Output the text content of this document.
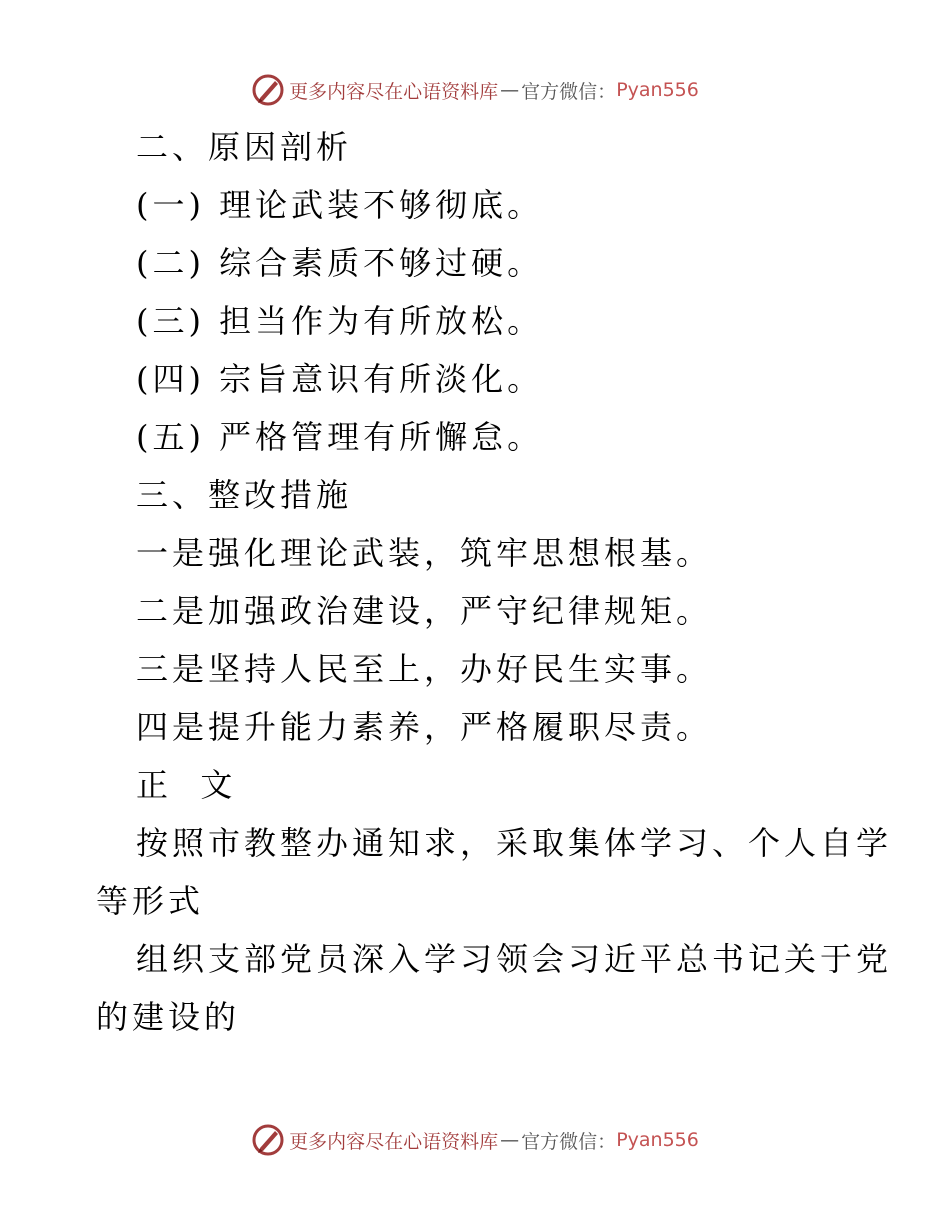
更多内容尽在心语资料库 — 官方微信： Pyan556
二、原因剖析
(一) 理论武装不够彻底。
(二) 综合素质不够过硬。
(三) 担当作为有所放松。
(四) 宗旨意识有所淡化。
(五) 严格管理有所懈怠。
三、整改措施
一是强化理论武装，筑牢思想根基。
二是加强政治建设，严守纪律规矩。
三是坚持人民至上，办好民生实事。
四是提升能力素养，严格履职尽责。
正  文
按照市教整办通知求，采取集体学习、个人自学
等形式
组织支部党员深入学习领会习近平总书记关于党
的建设的
更多内容尽在心语资料库 — 官方微信： Pyan556
